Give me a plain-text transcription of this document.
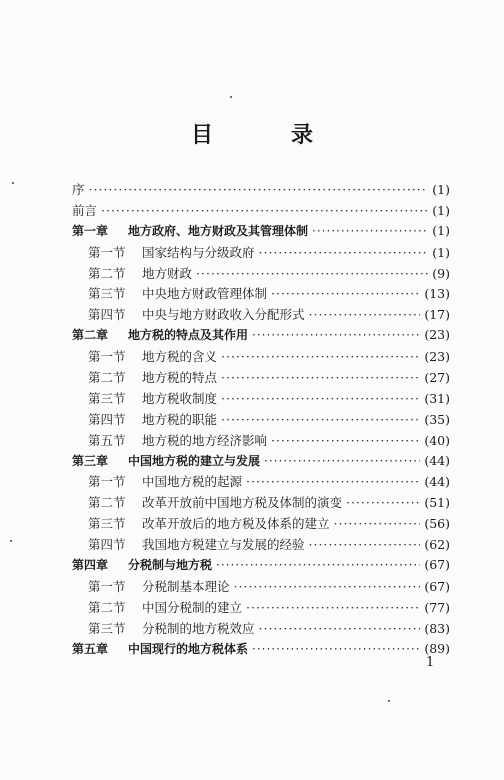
目　录
序 ·····	(1)
前言 ·····	(1)
第一章	地方政府、地方财政及其管理体制 ·····	(1)
第一节	国家结构与分级政府 ·····	(1)
第二节	地方财政 ·····	(9)
第三节	中央地方财政管理体制 ·····	(13)
第四节	中央与地方财政收入分配形式 ·····	(17)
第二章	地方税的特点及其作用 ·····	(23)
第一节	地方税的含义 ·····	(23)
第二节	地方税的特点 ·····	(27)
第三节	地方税收制度 ·····	(31)
第四节	地方税的职能 ·····	(35)
第五节	地方税的地方经济影响 ·····	(40)
第三章	中国地方税的建立与发展 ·····	(44)
第一节	中国地方税的起源 ·····	(44)
第二节	改革开放前中国地方税及体制的演变 ·····	(51)
第三节	改革开放后的地方税及体系的建立 ·····	(56)
第四节	我国地方税建立与发展的经验 ·····	(62)
第四章	分税制与地方税 ·····	(67)
第一节	分税制基本理论 ·····	(67)
第二节	中国分税制的建立 ·····	(77)
第三节	分税制的地方税效应 ·····	(83)
第五章	中国现行的地方税体系 ·····	(89)
1
